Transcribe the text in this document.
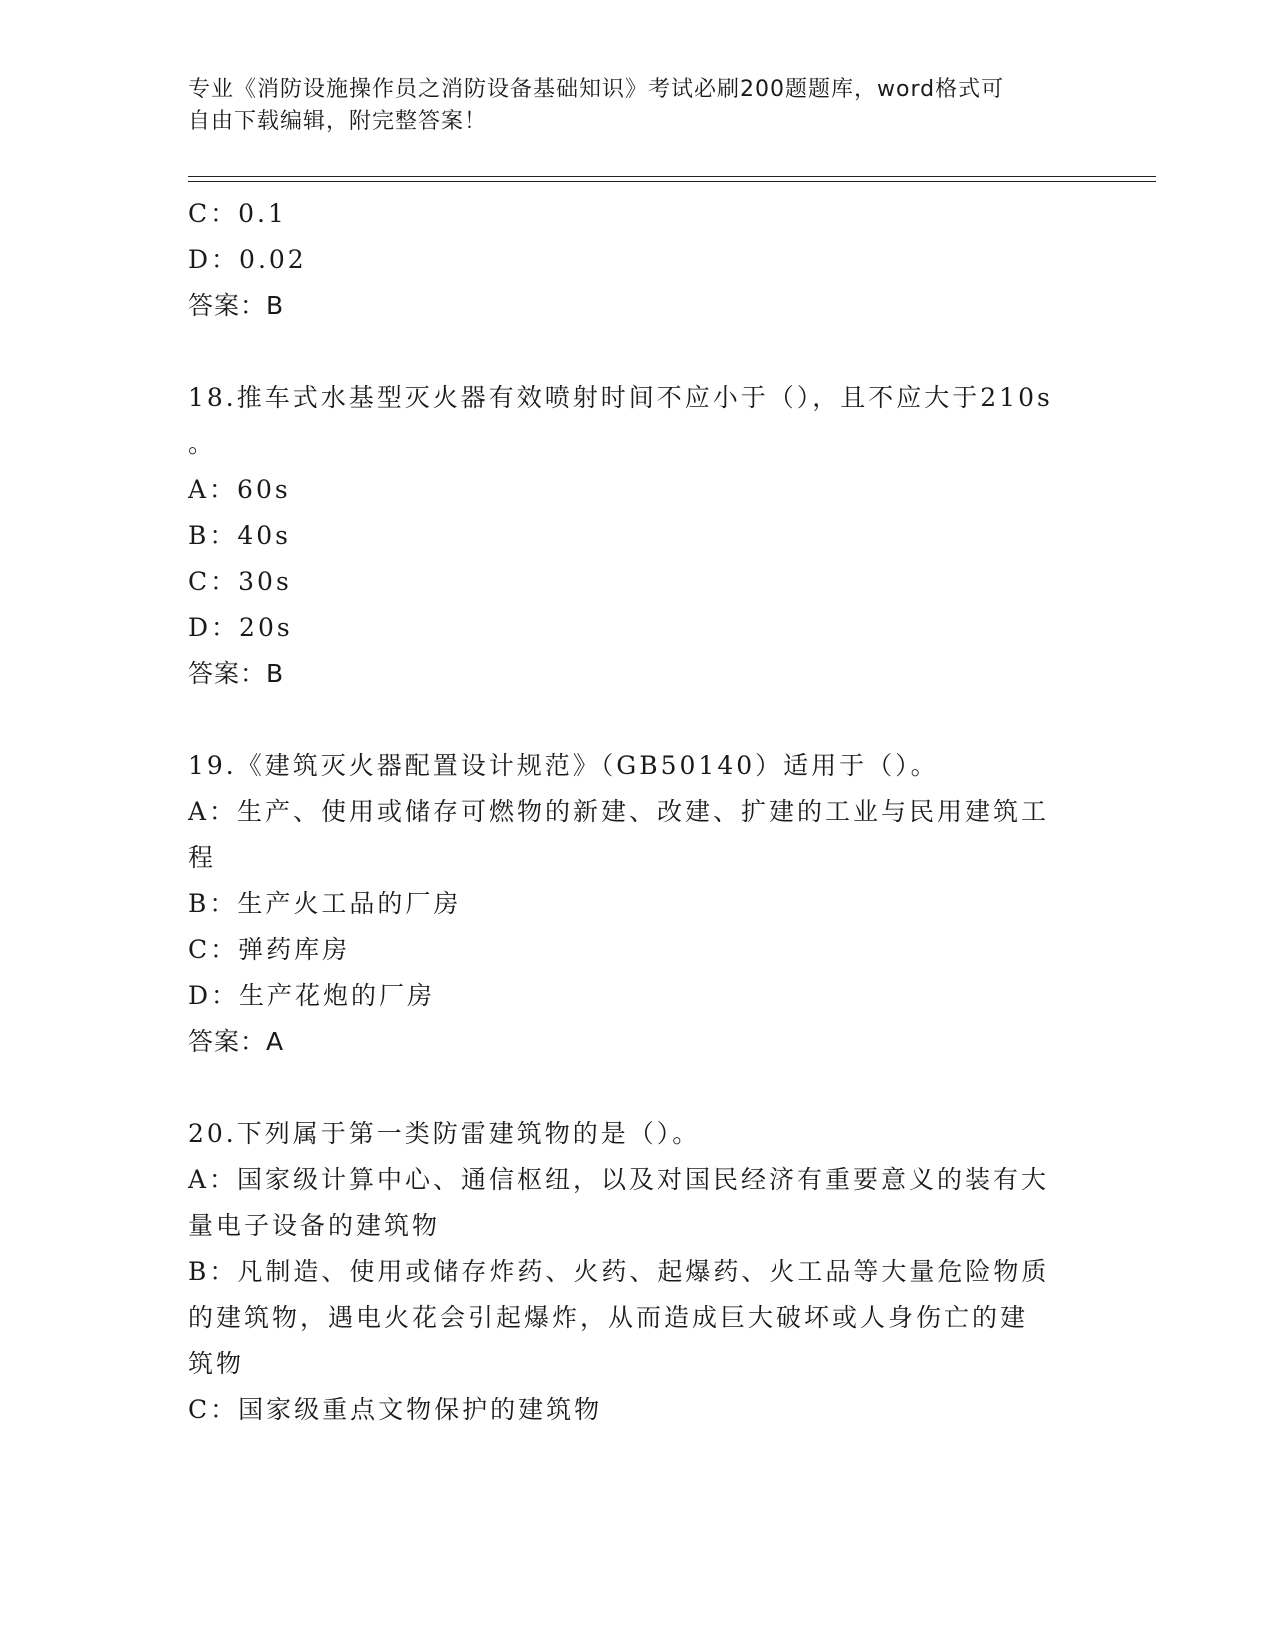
专业《消防设施操作员之消防设备基础知识》考试必刷200题题库，word格式可
自由下载编辑，附完整答案！
C：0.1
D：0.02
答案：B
18.推车式水基型灭火器有效喷射时间不应小于（），且不应大于210s
。
A：60s
B：40s
C：30s
D：20s
答案：B
19.《建筑灭火器配置设计规范》（GB50140）适用于（）。
A：生产、使用或储存可燃物的新建、改建、扩建的工业与民用建筑工
程
B：生产火工品的厂房
C：弹药库房
D：生产花炮的厂房
答案：A
20.下列属于第一类防雷建筑物的是（）。
A：国家级计算中心、通信枢纽，以及对国民经济有重要意义的装有大
量电子设备的建筑物
B：凡制造、使用或储存炸药、火药、起爆药、火工品等大量危险物质
的建筑物，遇电火花会引起爆炸，从而造成巨大破坏或人身伤亡的建
筑物
C：国家级重点文物保护的建筑物
